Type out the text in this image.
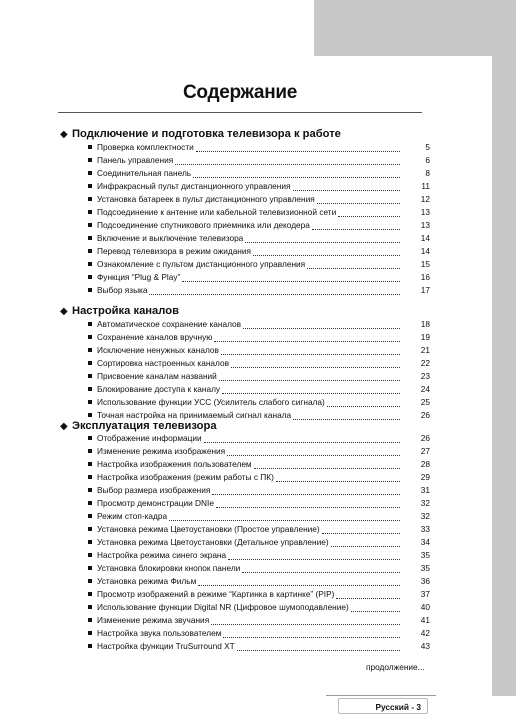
Содержание
◆ Подключение и подготовка телевизора к работе
Проверка комплектности	5
Панель управления	6
Соединительная панель	8
Инфракрасный пульт дистанционного управления	11
Установка батареек в пульт дистанционного управления	12
Подсоединение к антенне или кабельной телевизионной сети	13
Подсоединение спутникового приемника или декодера	13
Включение и выключение телевизора	14
Перевод телевизора в режим ожидания	14
Ознакомление с пультом дистанционного управления	15
Функция “Plug & Play”	16
Выбор языка	17
◆ Настройка каналов
Автоматическое сохранение каналов	18
Сохранение каналов вручную	19
Исключение ненужных каналов	21
Сортировка настроенных каналов	22
Присвоение каналам названий	23
Блокирование доступа к каналу	24
Использование функции УСС (Усилитель слабого сигнала)	25
Точная настройка на принимаемый сигнал канала	26
◆ Эксплуатация телевизора
Отображение информации	26
Изменение режима изображения	27
Настройка изображения пользователем	28
Настройка изображения (режим работы с ПК)	29
Выбор размера изображения	31
Просмотр демонстрации DNIe	32
Режим стоп-кадра	32
Установка режима Цветоустановки (Простое управление)	33
Установка режима Цветоустановки (Детальное управление)	34
Настройка режима синего экрана	35
Установка блокировки кнопок панели	35
Установка режима Фильм	36
Просмотр изображений в режиме “Картинка в картинке” (PIP)	37
Использование функции Digital NR (Цифровое шумоподавление)	40
Изменение режима звучания	41
Настройка звука пользователем	42
Настройка функции TruSurround XT	43
продолжение...
Русский - 3
